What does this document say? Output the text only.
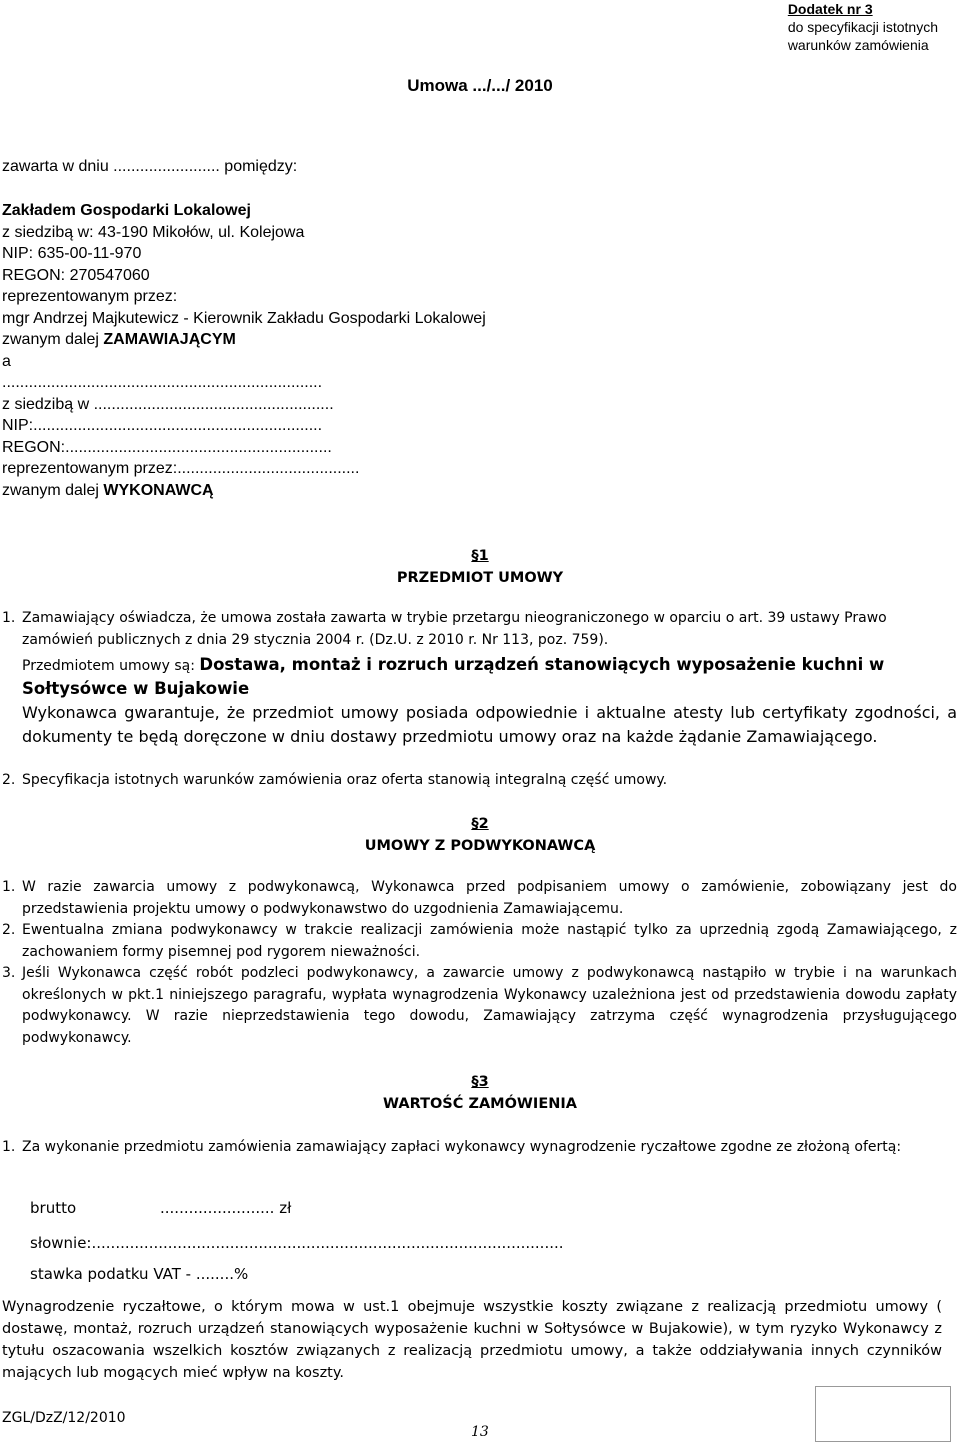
Dodatek nr 3
do specyfikacji istotnych
warunków zamówienia
Umowa .../.../ 2010
zawarta w dniu ........................ pomiędzy:

Zakładem Gospodarki Lokalowej

z siedzibą w: 43-190 Mikołów, ul. Kolejowa

NIP: 635-00-11-970

REGON: 270547060

reprezentowanym przez:

mgr Andrzej Majkutewicz - Kierownik Zakładu Gospodarki Lokalowej

zwanym dalej ZAMAWIAJĄCYM

a

........................................................................

z siedzibą w ......................................................

NIP:.................................................................

REGON:............................................................

reprezentowanym przez:.........................................

zwanym dalej WYKONAWCĄ

§1
PRZEDMIOT UMOWY
1. Zamawiający oświadcza, że umowa została zawarta w trybie przetargu nieograniczonego w oparciu o art. 39 ustawy Prawo zamówień publicznych z dnia 29 stycznia 2004 r. (Dz.U. z 2010 r. Nr 113, poz. 759).
Przedmiotem umowy są: Dostawa, montaż i rozruch urządzeń stanowiących wyposażenie kuchni w Sołtysówce w Bujakowie
Wykonawca gwarantuje, że przedmiot umowy posiada odpowiednie i aktualne atesty lub certyfikaty zgodności, a dokumenty te będą doręczone w dniu dostawy przedmiotu umowy oraz na każde żądanie Zamawiającego.
2. Specyfikacja istotnych warunków zamówienia oraz oferta stanowią integralną część umowy.
§2
UMOWY Z PODWYKONAWCĄ
1. W razie zawarcia umowy z podwykonawcą, Wykonawca przed podpisaniem umowy o zamówienie, zobowiązany jest do przedstawienia projektu umowy o podwykonawstwo do uzgodnienia Zamawiającemu.
2. Ewentualna zmiana podwykonawcy w trakcie realizacji zamówienia może nastąpić tylko za uprzednią zgodą Zamawiającego, z zachowaniem formy pisemnej pod rygorem nieważności.
3. Jeśli Wykonawca część robót podzleci podwykonawcy, a zawarcie umowy z podwykonawcą nastąpiło w trybie i na warunkach określonych w pkt.1 niniejszego paragrafu, wypłata wynagrodzenia Wykonawcy uzależniona jest od przedstawienia dowodu zapłaty podwykonawcy. W razie nieprzedstawienia tego dowodu, Zamawiający zatrzyma część wynagrodzenia przysługującego podwykonawcy.
§3
WARTOŚĆ ZAMÓWIENIA
1. Za wykonanie przedmiotu zamówienia zamawiający zapłaci wykonawcy wynagrodzenie ryczałtowe zgodne ze złożoną ofertą:
brutto	........................ zł
słownie:...................................................................................................
stawka podatku VAT - ........%
Wynagrodzenie ryczałtowe, o którym mowa w ust.1 obejmuje wszystkie koszty związane z realizacją przedmiotu umowy ( dostawę, montaż, rozruch urządzeń stanowiących wyposażenie kuchni w Sołtysówce w Bujakowie), w tym ryzyko Wykonawcy z tytułu oszacowania wszelkich kosztów związanych z realizacją przedmiotu umowy, a także oddziaływania innych czynników mających lub mogących mieć wpływ na koszty.
ZGL/DzZ/12/2010
13
